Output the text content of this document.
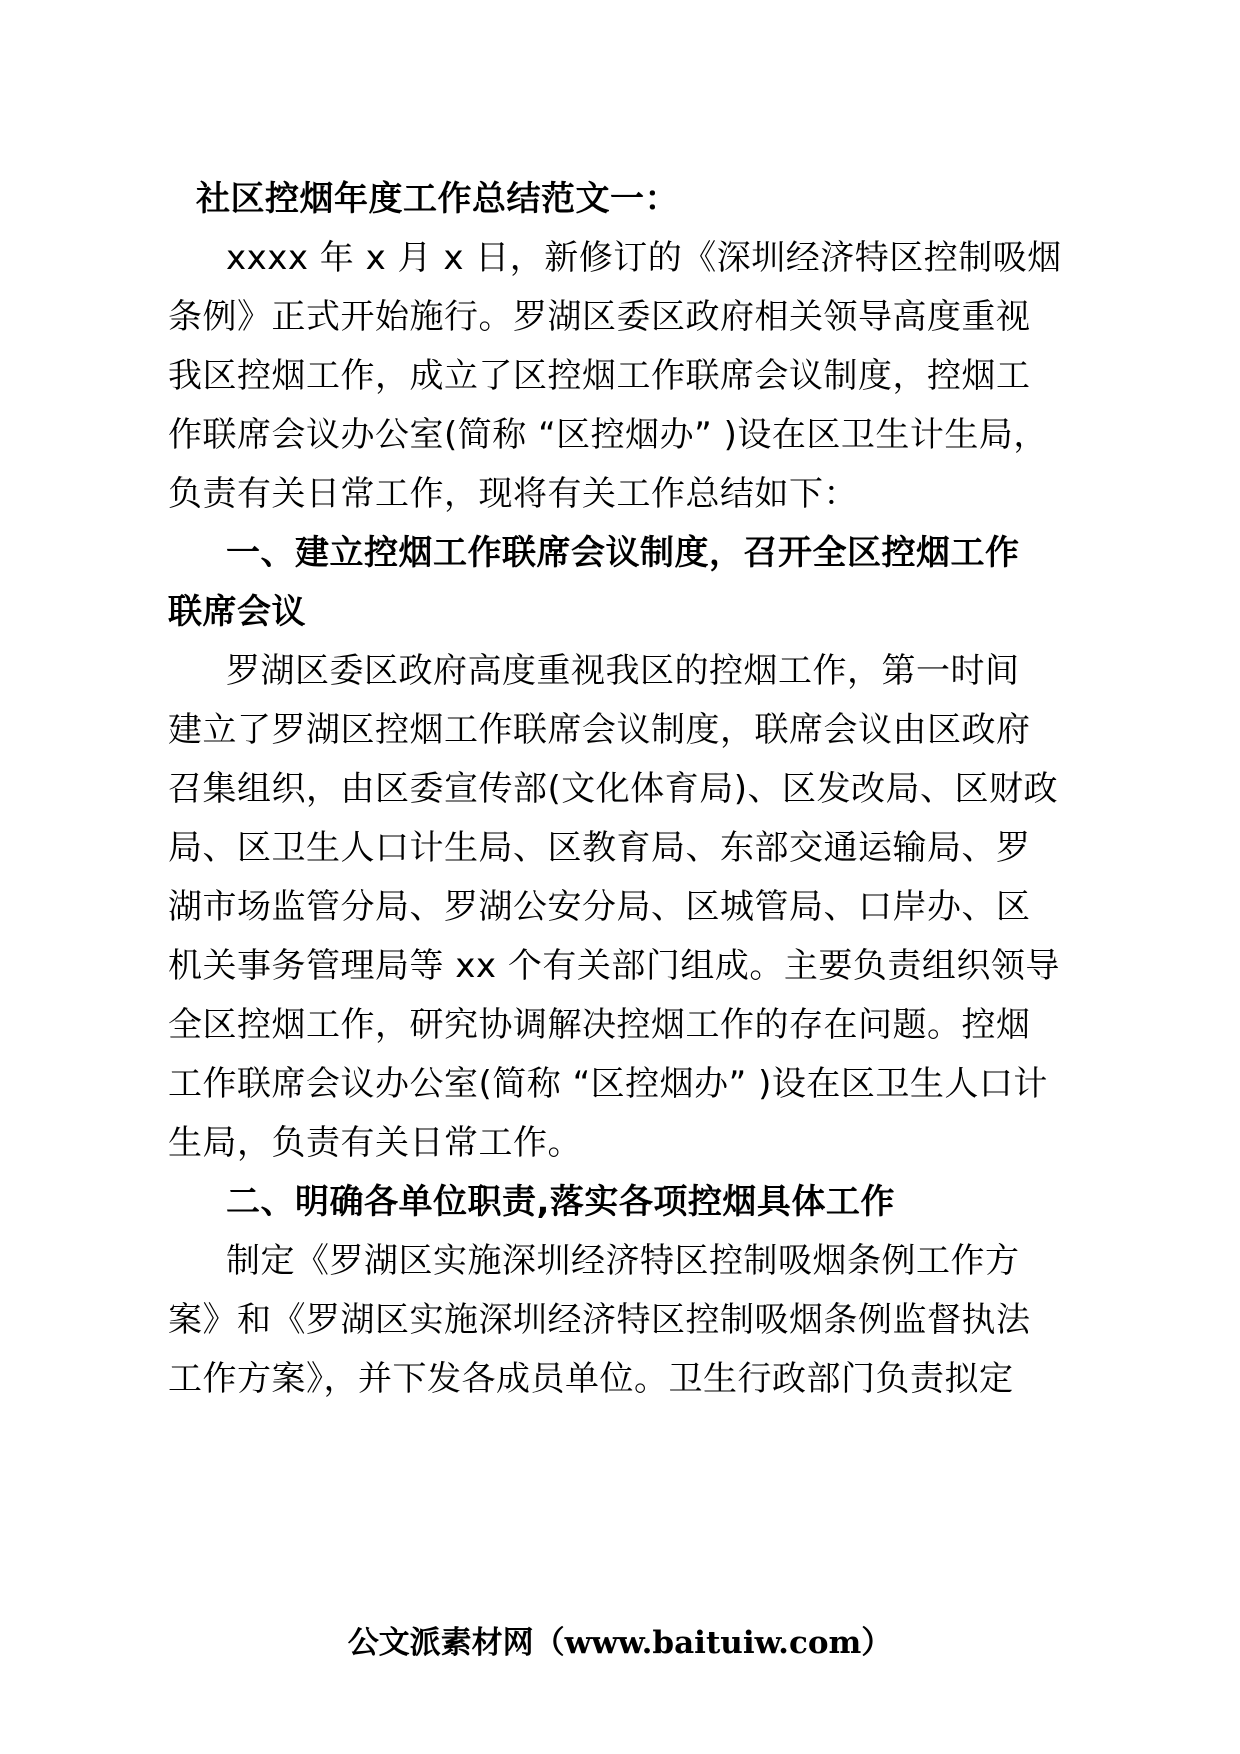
社区控烟年度工作总结范文一：
xxxx 年 x 月 x 日，新修订的《深圳经济特区控制吸烟
条例》正式开始施行。罗湖区委区政府相关领导高度重视
我区控烟工作，成立了区控烟工作联席会议制度，控烟工
作联席会议办公室(简称 “区控烟办” )设在区卫生计生局，
负责有关日常工作，现将有关工作总结如下：
一、建立控烟工作联席会议制度，召开全区控烟工作
联席会议
罗湖区委区政府高度重视我区的控烟工作，第一时间
建立了罗湖区控烟工作联席会议制度，联席会议由区政府
召集组织，由区委宣传部(文化体育局)、区发改局、区财政
局、区卫生人口计生局、区教育局、东部交通运输局、罗
湖市场监管分局、罗湖公安分局、区城管局、口岸办、区
机关事务管理局等 xx 个有关部门组成。主要负责组织领导
全区控烟工作，研究协调解决控烟工作的存在问题。控烟
工作联席会议办公室(简称 “区控烟办” )设在区卫生人口计
生局，负责有关日常工作。
二、明确各单位职责,落实各项控烟具体工作
制定《罗湖区实施深圳经济特区控制吸烟条例工作方
案》和《罗湖区实施深圳经济特区控制吸烟条例监督执法
工作方案》，并下发各成员单位。卫生行政部门负责拟定
公文派素材网（www.baituiw.com）
